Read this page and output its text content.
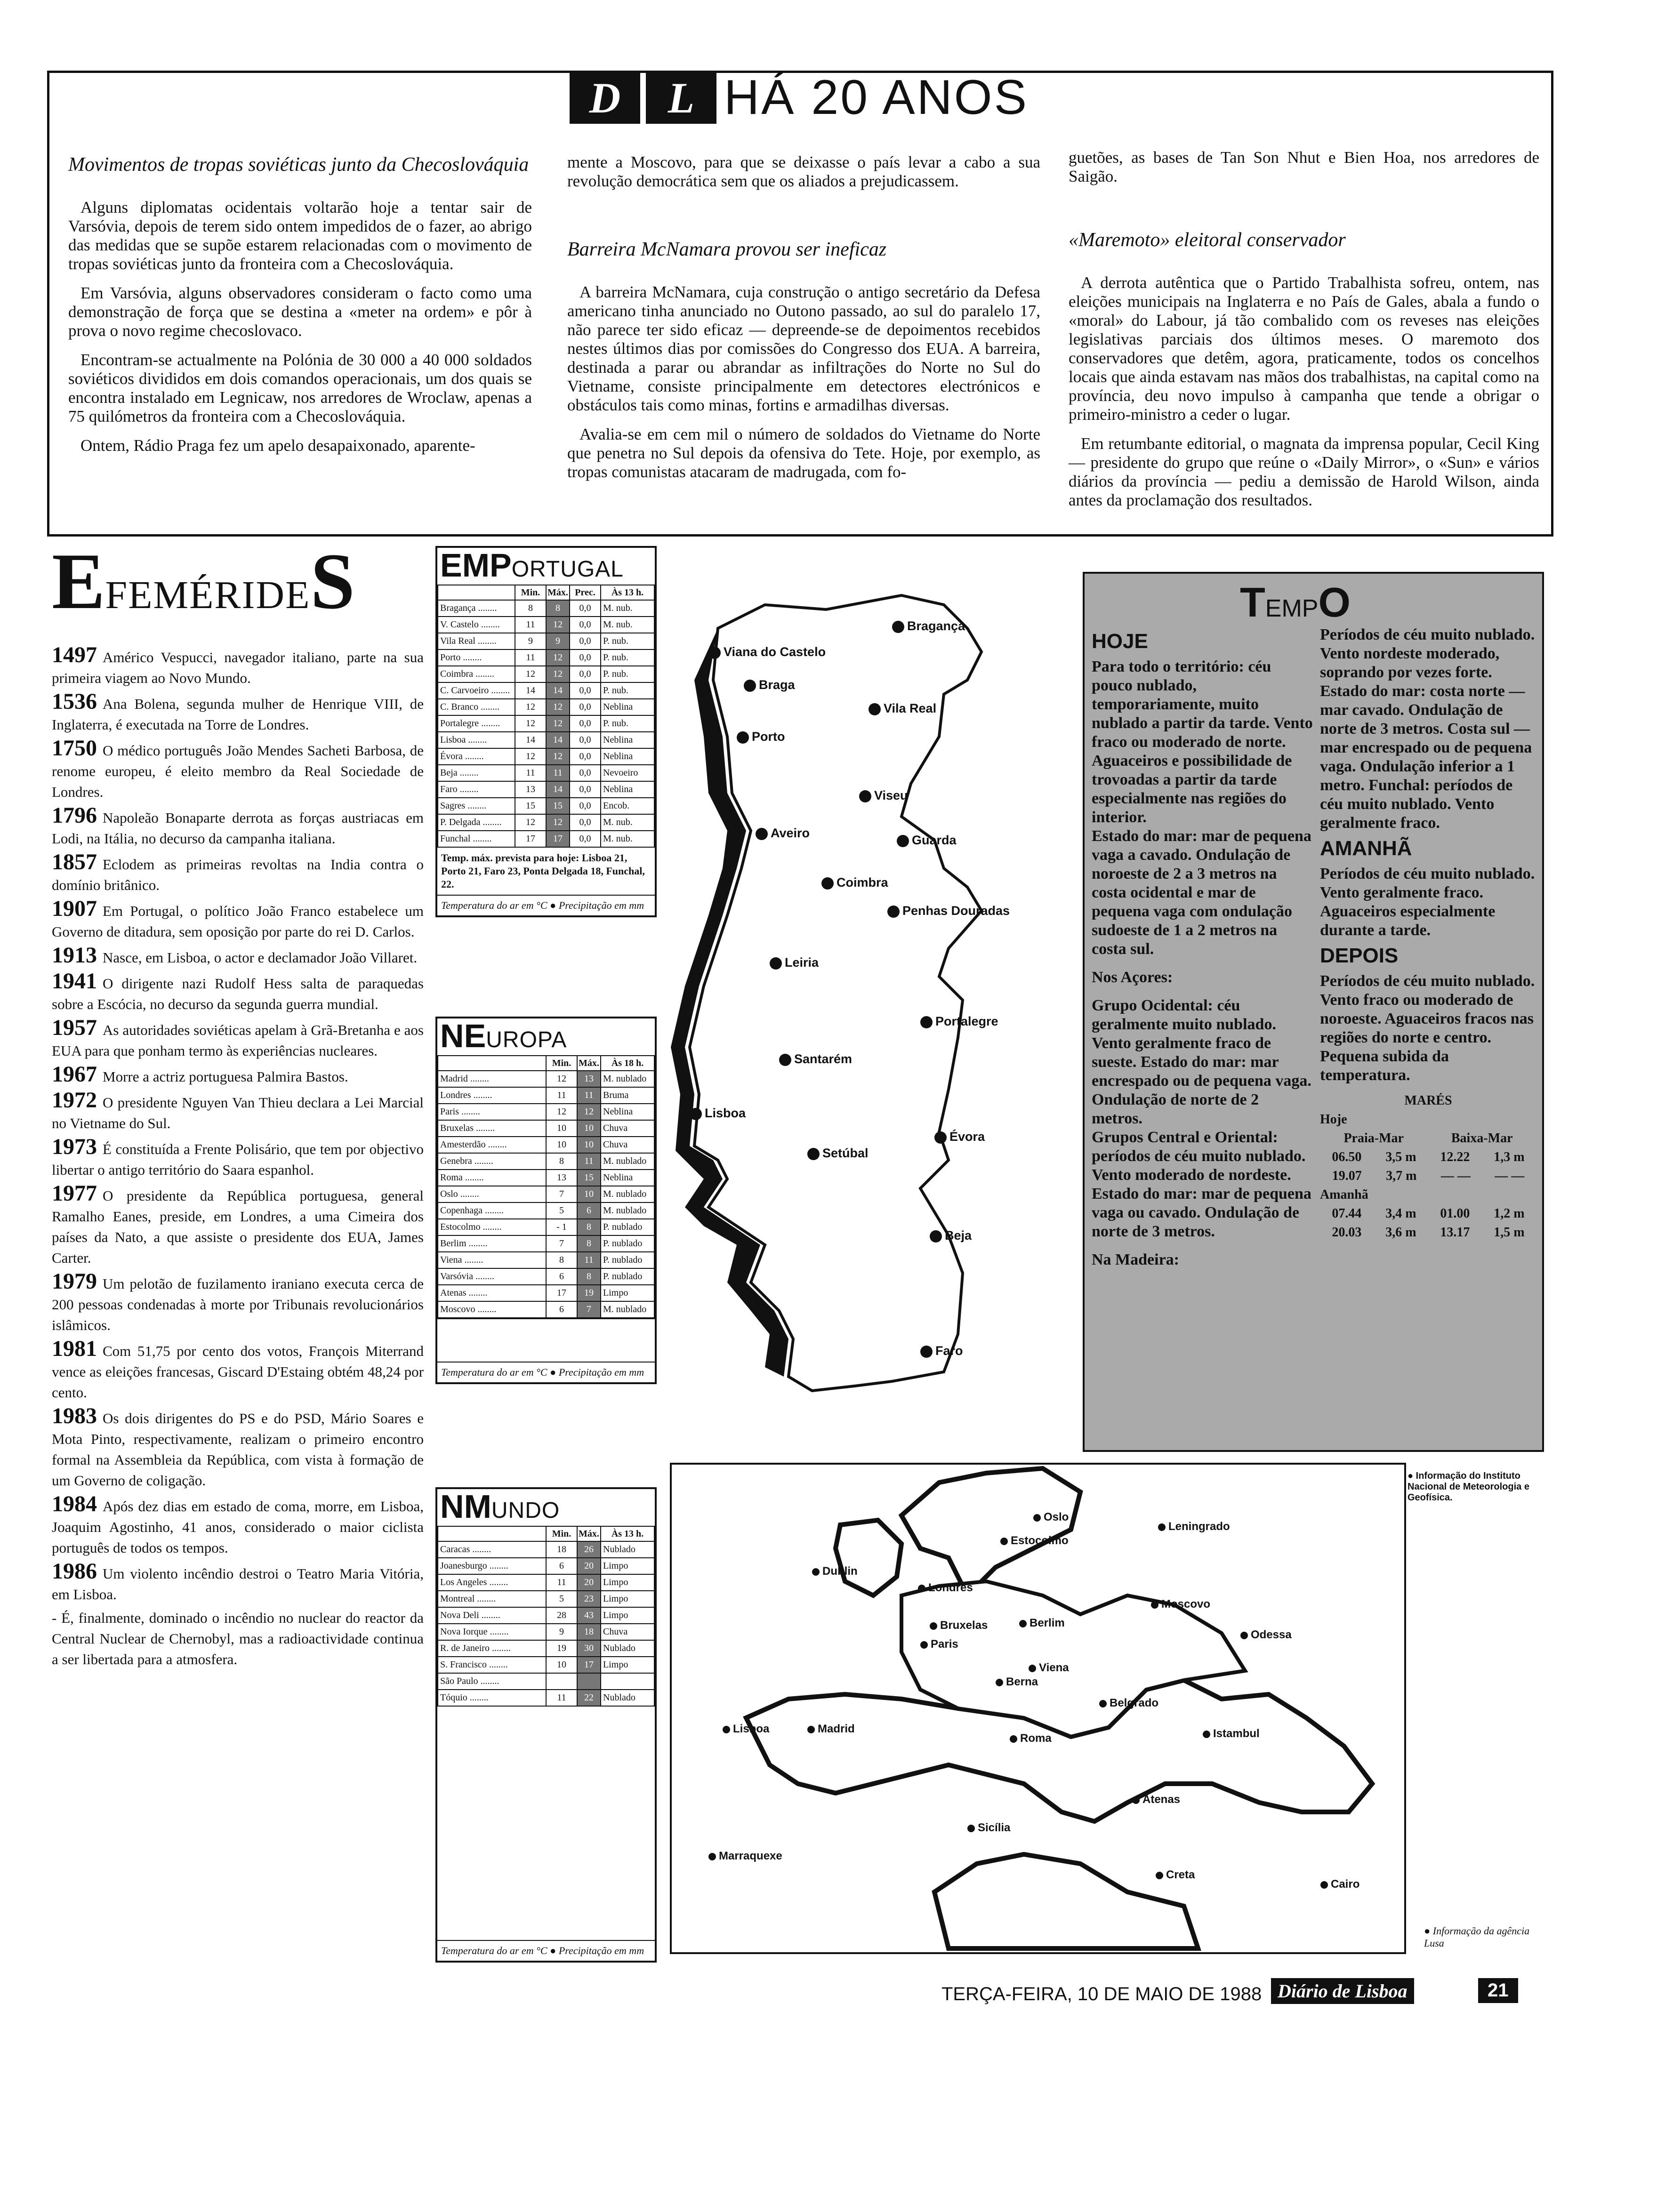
D L HÁ 20 ANOS
Movimentos de tropas soviéticas junto da Checoslováquia

Alguns diplomatas ocidentais voltarão hoje a tentar sair de Varsóvia, depois de terem sido ontem impedidos de o fazer, ao abrigo das medidas que se supõe estarem relacionadas com o movimento de tropas soviéticas junto da fronteira com a Checoslováquia.

Em Varsóvia, alguns observadores consideram o facto como uma demonstração de força que se destina a «meter na ordem» e pôr à prova o novo regime checoslovaco.

Encontram-se actualmente na Polónia de 30 000 a 40 000 soldados soviéticos divididos em dois comandos operacionais, um dos quais se encontra instalado em Legnicaw, nos arredores de Wroclaw, apenas a 75 quilómetros da fronteira com a Checoslováquia.

Ontem, Rádio Praga fez um apelo desapaixonado, aparente-

mente a Moscovo, para que se deixasse o país levar a cabo a sua revolução democrática sem que os aliados a prejudicassem.

Barreira McNamara provou ser ineficaz

A barreira McNamara, cuja construção o antigo secretário da Defesa americano tinha anunciado no Outono passado, ao sul do paralelo 17, não parece ter sido eficaz — depreende-se de depoimentos recebidos nestes últimos dias por comissões do Congresso dos EUA. A barreira, destinada a parar ou abrandar as infiltrações do Norte no Sul do Vietname, consiste principalmente em detectores electrónicos e obstáculos tais como minas, fortins e armadilhas diversas.

Avalia-se em cem mil o número de soldados do Vietname do Norte que penetra no Sul depois da ofensiva do Tete. Hoje, por exemplo, as tropas comunistas atacaram de madrugada, com fo-

guetões, as bases de Tan Son Nhut e Bien Hoa, nos arredores de Saigão.

«Maremoto» eleitoral conservador

A derrota autêntica que o Partido Trabalhista sofreu, ontem, nas eleições municipais na Inglaterra e no País de Gales, abala a fundo o «moral» do Labour, já tão combalido com os reveses nas eleições legislativas parciais dos últimos meses. O maremoto dos conservadores que detêm, agora, praticamente, todos os concelhos locais que ainda estavam nas mãos dos trabalhistas, na capital como na província, deu novo impulso à campanha que tende a obrigar o primeiro-ministro a ceder o lugar.

Em retumbante editorial, o magnata da imprensa popular, Cecil King — presidente do grupo que reúne o «Daily Mirror», o «Sun» e vários diários da província — pediu a demissão de Harold Wilson, ainda antes da proclamação dos resultados.

EFEMÉRIDES
1497 Américo Vespucci, navegador italiano, parte na sua primeira viagem ao Novo Mundo.
1536 Ana Bolena, segunda mulher de Henrique VIII, de Inglaterra, é executada na Torre de Londres.
1750 O médico português João Mendes Sacheti Barbosa, de renome europeu, é eleito membro da Real Sociedade de Londres.
1796 Napoleão Bonaparte derrota as forças austriacas em Lodi, na Itália, no decurso da campanha italiana.
1857 Eclodem as primeiras revoltas na India contra o domínio britânico.
1907 Em Portugal, o político João Franco estabelece um Governo de ditadura, sem oposição por parte do rei D. Carlos.
1913 Nasce, em Lisboa, o actor e declamador João Villaret.
1941 O dirigente nazi Rudolf Hess salta de paraquedas sobre a Escócia, no decurso da segunda guerra mundial.
1957 As autoridades soviéticas apelam à Grã-Bretanha e aos EUA para que ponham termo às experiências nucleares.
1967 Morre a actriz portuguesa Palmira Bastos.
1972 O presidente Nguyen Van Thieu declara a Lei Marcial no Vietname do Sul.
1973 É constituída a Frente Polisário, que tem por objectivo libertar o antigo território do Saara espanhol.
1977 O presidente da República portuguesa, general Ramalho Eanes, preside, em Londres, a uma Cimeira dos países da Nato, a que assiste o presidente dos EUA, James Carter.
1979 Um pelotão de fuzilamento iraniano executa cerca de 200 pessoas condenadas à morte por Tribunais revolucionários islâmicos.
1981 Com 51,75 por cento dos votos, François Miterrand vence as eleições francesas, Giscard D'Estaing obtém 48,24 por cento.
1983 Os dois dirigentes do PS e do PSD, Mário Soares e Mota Pinto, respectivamente, realizam o primeiro encontro formal na Assembleia da República, com vista à formação de um Governo de coligação.
1984 Após dez dias em estado de coma, morre, em Lisboa, Joaquim Agostinho, 41 anos, considerado o maior ciclista português de todos os tempos.
1986 Um violento incêndio destroi o Teatro Maria Vitória, em Lisboa.
- É, finalmente, dominado o incêndio no nuclear do reactor da Central Nuclear de Chernobyl, mas a radioactividade continua a ser libertada para a atmosfera.
EMPORTUGAL
	Min.	Máx.	Prec.	Às 13 h.
Bragança ........	8	8	0,0	M. nub.
V. Castelo ........	11	12	0,0	M. nub.
Vila Real ........	9	9	0,0	P. nub.
Porto ........	11	12	0,0	P. nub.
Coimbra ........	12	12	0,0	P. nub.
C. Carvoeiro ........	14	14	0,0	P. nub.
C. Branco ........	12	12	0,0	Neblina
Portalegre ........	12	12	0,0	P. nub.
Lisboa ........	14	14	0,0	Neblina
Évora ........	12	12	0,0	Neblina
Beja ........	11	11	0,0	Nevoeiro
Faro ........	13	14	0,0	Neblina
Sagres ........	15	15	0,0	Encob.
P. Delgada ........	12	12	0,0	M. nub.
Funchal ........	17	17	0,0	M. nub.
Temp. máx. prevista para hoje: Lisboa 21, Porto 21, Faro 23, Ponta Delgada 18, Funchal, 22.
Temperatura do ar em °C ● Precipitação em mm
NEUROPA
	Min.	Máx.	Às 18 h.
Madrid ........	12	13	M. nublado
Londres ........	11	11	Bruma
Paris ........	12	12	Neblina
Bruxelas ........	10	10	Chuva
Amesterdão ........	10	10	Chuva
Genebra ........	8	11	M. nublado
Roma ........	13	15	Neblina
Oslo ........	7	10	M. nublado
Copenhaga ........	5	6	M. nublado
Estocolmo ........	- 1	8	P. nublado
Berlim ........	7	8	P. nublado
Viena ........	8	11	P. nublado
Varsóvia ........	6	8	P. nublado
Atenas ........	17	19	Limpo
Moscovo ........	6	7	M. nublado
Temperatura do ar em °C ● Precipitação em mm
NMUNDO
	Min.	Máx.	Às 13 h.
Caracas ........	18	26	Nublado
Joanesburgo ........	6	20	Limpo
Los Angeles ........	11	20	Limpo
Montreal ........	5	23	Limpo
Nova Deli ........	28	43	Limpo
Nova Iorque ........	9	18	Chuva
R. de Janeiro ........	19	30	Nublado
S. Francisco ........	10	17	Limpo
São Paulo ........			
Tóquio ........	11	22	Nublado
Temperatura do ar em °C ● Precipitação em mm
Bragança
Viana do Castelo
Braga
Vila Real
Porto
Viseu
Aveiro	Guarda
Coimbra
Penhas Douradas
Leiria
Portalegre
Santarém
Lisboa
Évora
Setúbal
Beja
Faro
TEMPO
HOJE
Para todo o território: céu pouco nublado, temporariamente, muito nublado a partir da tarde. Vento fraco ou moderado de norte. Aguaceiros e possibilidade de trovoadas a partir da tarde especialmente nas regiões do interior.
Estado do mar: mar de pequena vaga a cavado. Ondulação de noroeste de 2 a 3 metros na costa ocidental e mar de pequena vaga com ondulação sudoeste de 1 a 2 metros na costa sul.
Nos Açores:
Grupo Ocidental: céu geralmente muito nublado. Vento geralmente fraco de sueste. Estado do mar: mar encrespado ou de pequena vaga. Ondulação de norte de 2 metros.
Grupos Central e Oriental: períodos de céu muito nublado. Vento moderado de nordeste. Estado do mar: mar de pequena vaga ou cavado. Ondulação de norte de 3 metros.
Na Madeira:
Períodos de céu muito nublado. Vento nordeste moderado, soprando por vezes forte. Estado do mar: costa norte — mar cavado. Ondulação de norte de 3 metros. Costa sul — mar encrespado ou de pequena vaga. Ondulação inferior a 1 metro. Funchal: períodos de céu muito nublado. Vento geralmente fraco.
AMANHÃ
Períodos de céu muito nublado. Vento geralmente fraco. Aguaceiros especialmente durante a tarde.
DEPOIS
Períodos de céu muito nublado. Vento fraco ou moderado de noroeste. Aguaceiros fracos nas regiões do norte e centro. Pequena subida da temperatura.
MARÉS
Hoje
Praia-Mar	Baixa-Mar
06.50 3,5 m 12.22 1,3 m
19.07 3,7 m — — — —
Amanhã
07.44 3,4 m 01.00 1,2 m
20.03 3,6 m 13.17 1,5 m
● Informação do Instituto Nacional de Meteorologia e Geofísica.
Oslo
Estocolmo
Leningrado
Dublin
Londres
Moscovo
Bruxelas	Berlim
Paris
Odessa
Viena
Berna
Belgrado
Lisboa	Madrid
Roma	Istambul
Atenas
Sicília
Marraquexe
Creta
Cairo
● Informação da agência Lusa
TERÇA-FEIRA, 10 DE MAIO DE 1988 Diário de Lisboa	21
